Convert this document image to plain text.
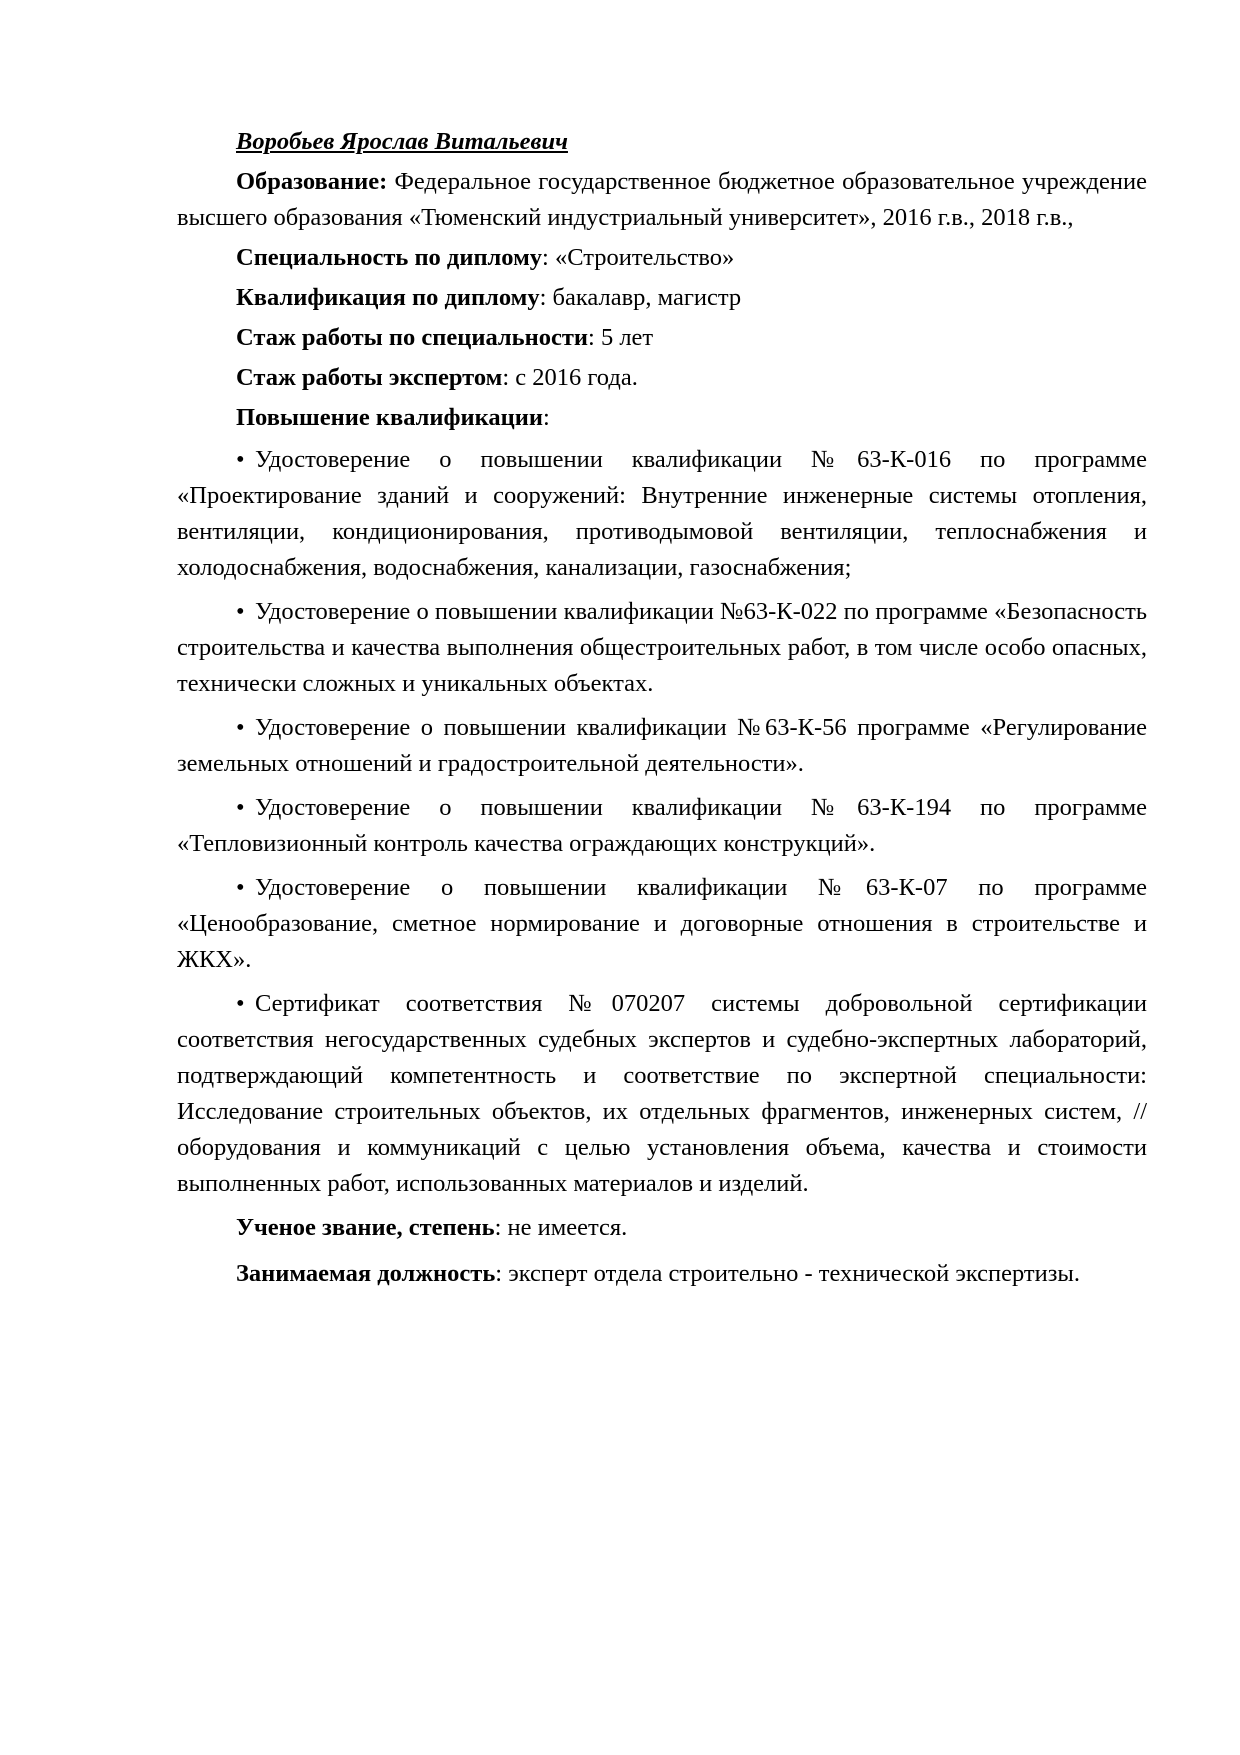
Воробьев Ярослав Витальевич

Образование: Федеральное государственное бюджетное образовательное учреждение высшего образования «Тюменский индустриальный университет», 2016 г.в., 2018 г.в.,

Специальность по диплому: «Строительство»

Квалификация по диплому: бакалавр, магистр

Стаж работы по специальности: 5 лет

Стаж работы экспертом: с 2016 года.

Повышение квалификации:

• Удостоверение о повышении квалификации №63-К-016 по программе «Проектирование зданий и сооружений: Внутренние инженерные системы отопления, вентиляции, кондиционирования, противодымовой вентиляции, теплоснабжения и холодоснабжения, водоснабжения, канализации, газоснабжения;

• Удостоверение о повышении квалификации №63-К-022 по программе «Безопасность строительства и качества выполнения общестроительных работ, в том числе особо опасных, технически сложных и уникальных объектах.

• Удостоверение о повышении квалификации №63-К-56 программе «Регулирование земельных отношений и градостроительной деятельности».

• Удостоверение о повышении квалификации №63-К-194 по программе «Тепловизионный контроль качества ограждающих конструкций».

• Удостоверение о повышении квалификации №63-К-07 по программе «Ценообразование, сметное нормирование и договорные отношения в строительстве и ЖКХ».

• Сертификат соответствия №070207 системы добровольной сертификации соответствия негосударственных судебных экспертов и судебно-экспертных лабораторий, подтверждающий компетентность и соответствие по экспертной специальности: Исследование строительных объектов, их отдельных фрагментов, инженерных систем, //оборудования и коммуникаций с целью установления объема, качества и стоимости выполненных работ, использованных материалов и изделий.

Ученое звание, степень: не имеется.

Занимаемая должность: эксперт отдела строительно - технической экспертизы.
